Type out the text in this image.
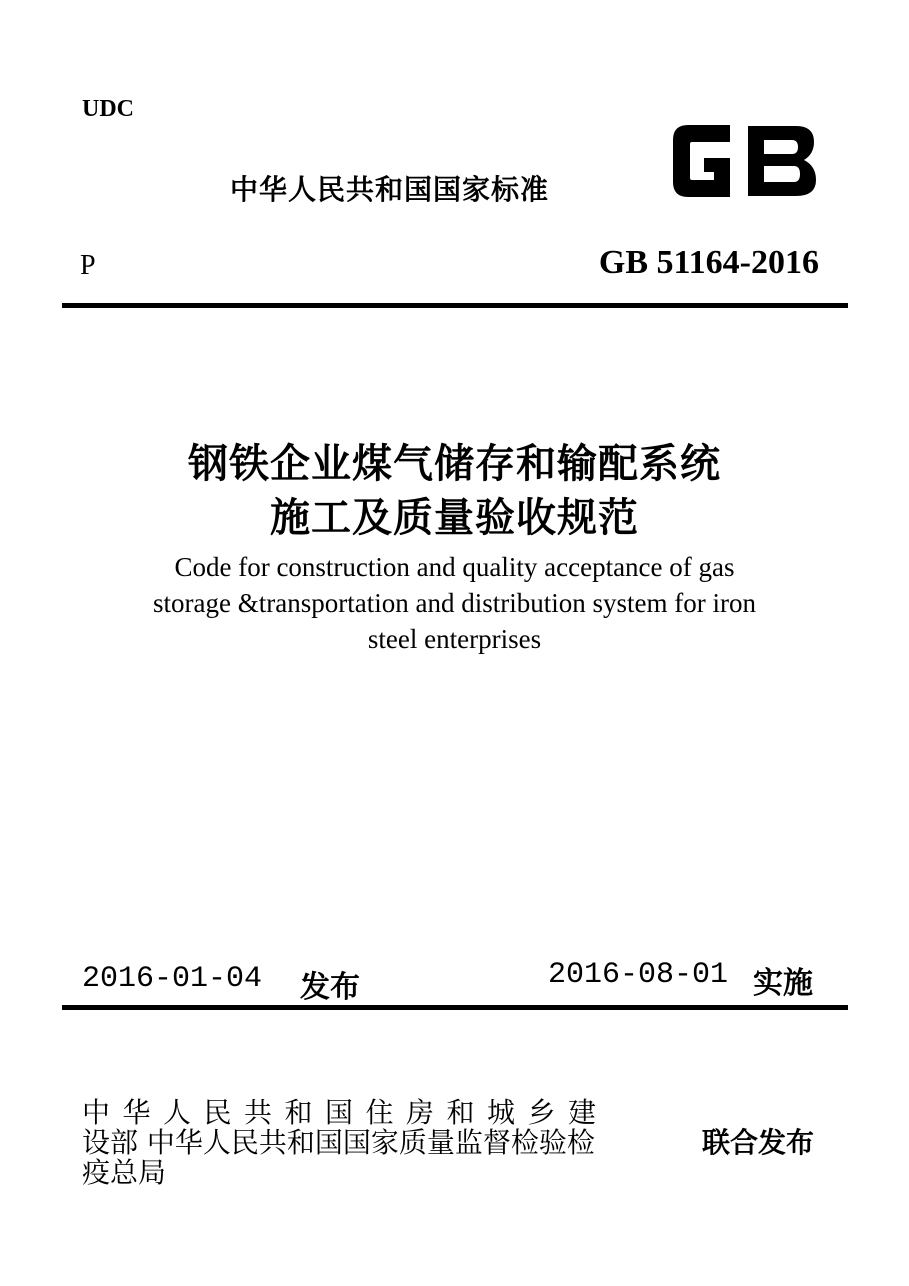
UDC
中华人民共和国国家标准
P	GB 51164-2016
钢铁企业煤气储存和输配系统
施工及质量验收规范
Code for construction and quality acceptance of gas
storage &transportation and distribution system for iron
steel enterprises
2016-01-04 发布	2016-08-01 实施
中华人民共和国住房和城乡建
设部 中华人民共和国国家质量监督检验检
疫总局
联合发布
